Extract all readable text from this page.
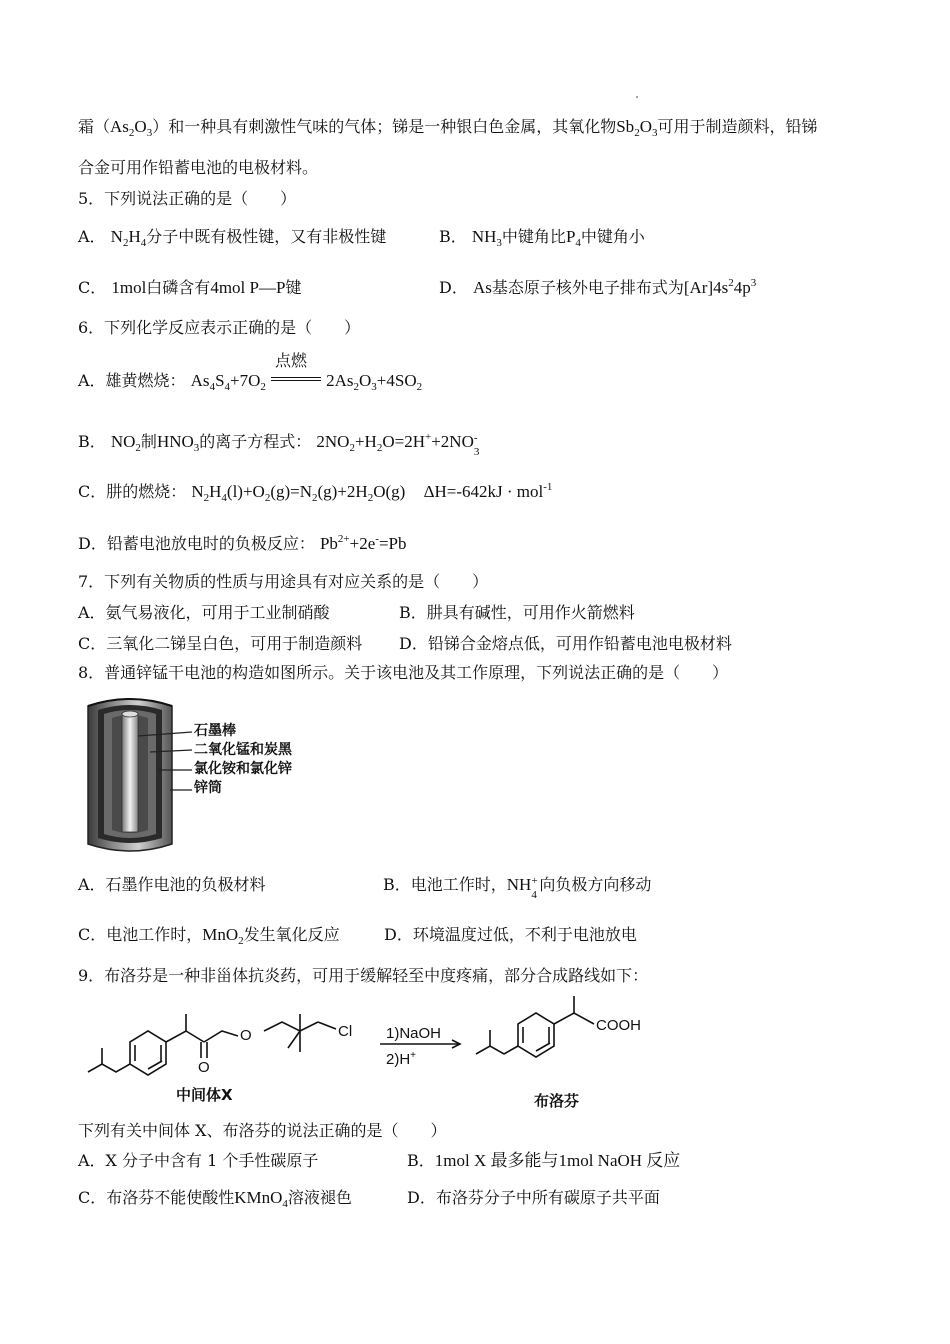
霜$(As_2O_3)$和一种具有刺激性气味的气体；锑是一种银白色金属，其氧化物$Sb_2O_3$可用于制造颜料，铅锑
合金可用作铅蓄电池的电极材料。
5．下列说法正确的是（　　）
A． $N_2H_4$分子中既有极性键，又有非极性键	B． $NH_3$中键角比$P_4$中键角小
C． 1mol白磷含有4mol P—P键	D． As基态原子核外电子排布式为$[Ar]4s^24p^3$
6．下列化学反应表示正确的是（　　）
A．雄黄燃烧： $As_4S_4+7O_2$
点燃
$2As_2O_3+4SO_2$
B． $NO_2$制$HNO_3$的离子方程式： $2NO_2+H_2O=2H^++2NO$ -
3
C．肼的燃烧： $N_2H_4(l)+O_2(g)=N_2(g)+2H_2O(g) \Delta H=-642kJ \cdot mol^{-1}$
D．铅蓄电池放电时的负极反应： $Pb^{2+}+2e^-=Pb$
7．下列有关物质的性质与用途具有对应关系的是（　　）
A．氨气易液化，可用于工业制硝酸	B．肼具有碱性，可用作火箭燃料
C．三氧化二锑呈白色，可用于制造颜料 D．铅锑合金熔点低，可用作铅蓄电池电极材料
8．普通锌锰干电池的构造如图所示。关于该电池及其工作原理，下列说法正确的是（　　）
石墨棒
二氧化锰和炭黑
氯化铵和氯化锌
锌筒
A．石墨作电池的负极材料	B．电池工作时，NH +
4
向负极方向移动
C．电池工作时，MnO$_2$发生氧化反应	D．环境温度过低，不利于电池放电
9．布洛芬是一种非甾体抗炎药，可用于缓解轻至中度疼痛，部分合成路线如下：
O
O
Cl 1)NaOH
2)H+
COOH
中间体X	布洛芬
下列有关中间体 X、布洛芬的说法正确的是（　　）
A．X 分子中含有 1 个手性碳原子	B．1mol X 最多能与1mol NaOH 反应
C．布洛芬不能使酸性KMnO$_4$溶液褪色	D．布洛芬分子中所有碳原子共平面
